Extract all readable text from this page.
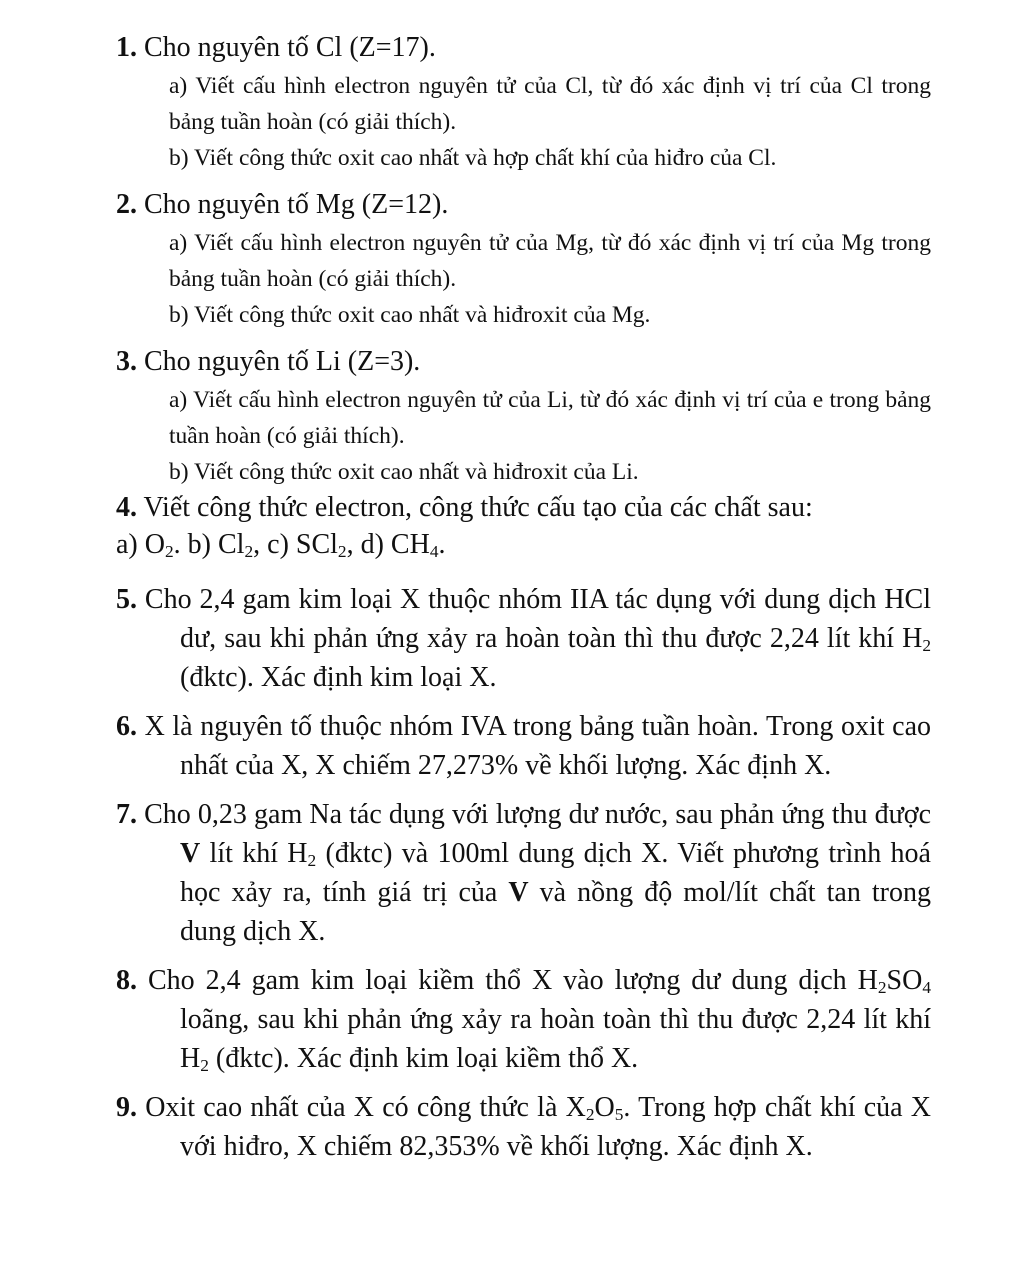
1. Cho nguyên tố Cl (Z=17).
a) Viết cấu hình electron nguyên tử của Cl, từ đó xác định vị trí của Cl trong bảng tuần hoàn (có giải thích).
b) Viết công thức oxit cao nhất và hợp chất khí của hiđro của Cl.
2. Cho nguyên tố Mg (Z=12).
a) Viết cấu hình electron nguyên tử của Mg, từ đó xác định vị trí của Mg trong bảng tuần hoàn (có giải thích).
b) Viết công thức oxit cao nhất và hiđroxit của Mg.
3. Cho nguyên tố Li (Z=3).
a) Viết cấu hình electron nguyên tử của Li, từ đó xác định vị trí của e trong bảng tuần hoàn (có giải thích).
b) Viết công thức oxit cao nhất và hiđroxit của Li.
4. Viết công thức electron, công thức cấu tạo của các chất sau:
a) $O_2$. b) $Cl_2$, c) SCl$_2$, d) $CH_4$.
5. Cho 2,4 gam kim loại X thuộc nhóm IIA tác dụng với dung dịch HCl dư, sau khi phản ứng xảy ra hoàn toàn thì thu được 2,24 lít khí $H_2$ (đktc). Xác định kim loại X.
6. X là nguyên tố thuộc nhóm IVA trong bảng tuần hoàn. Trong oxit cao nhất của X, X chiếm 27,273% về khối lượng. Xác định X.
7. Cho 0,23 gam Na tác dụng với lượng dư nước, sau phản ứng thu được V lít khí $H_2$ (đktc) và 100ml dung dịch X. Viết phương trình hoá học xảy ra, tính giá trị của V và nồng độ mol/lít chất tan trong dung dịch X.
8. Cho 2,4 gam kim loại kiềm thổ X vào lượng dư dung dịch $H_2SO_4$ loãng, sau khi phản ứng xảy ra hoàn toàn thì thu được 2,24 lít khí $H_2$ (đktc). Xác định kim loại kiềm thổ X.
9. Oxit cao nhất của X có công thức là $X_2O_5$. Trong hợp chất khí của X với hiđro, X chiếm 82,353% về khối lượng. Xác định X.
